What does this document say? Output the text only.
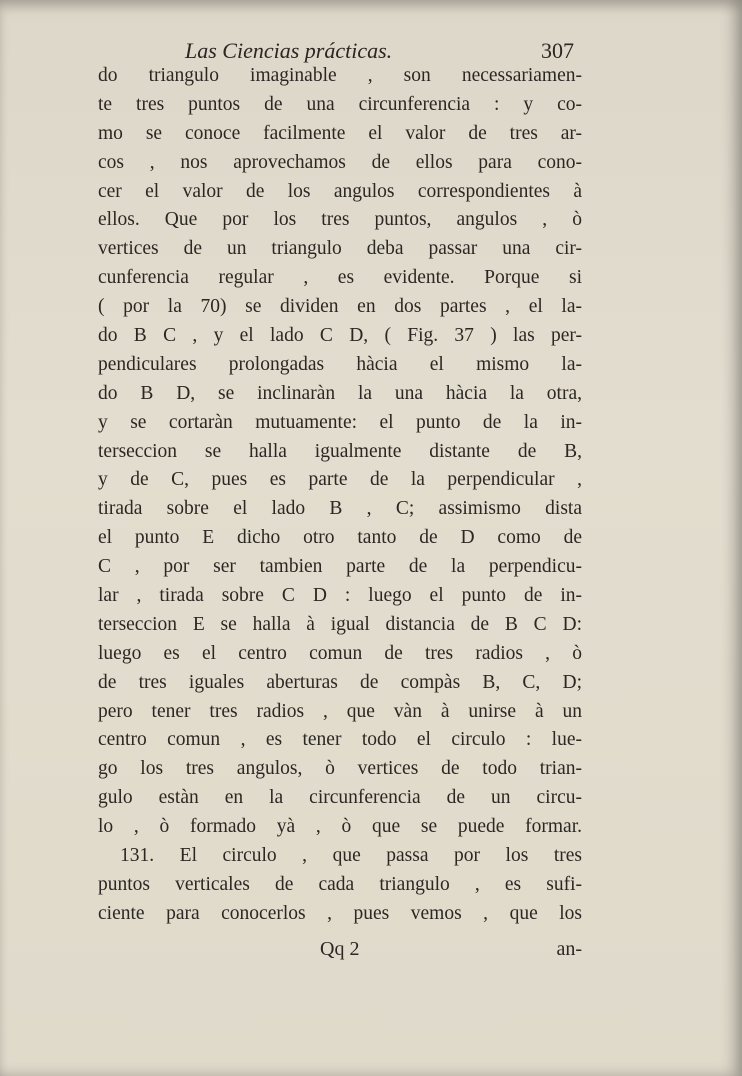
Las Ciencias prácticas.	307
do triangulo imaginable , son necessariamen-
te tres puntos de una circunferencia : y co-
mo se conoce facilmente el valor de tres ar-
cos , nos aprovechamos de ellos para cono-
cer el valor de los angulos correspondientes à
ellos. Que por los tres puntos, angulos , ò
vertices de un triangulo deba passar una cir-
cunferencia regular , es evidente. Porque si
( por la 70) se dividen en dos partes , el la-
do B C , y el lado C D, ( Fig. 37 ) las per-
pendiculares prolongadas hàcia el mismo la-
do B D, se inclinaràn la una hàcia la otra,
y se cortaràn mutuamente: el punto de la in-
terseccion se halla igualmente distante de B,
y de C, pues es parte de la perpendicular ,
tirada sobre el lado B , C; assimismo dista
el punto E dicho otro tanto de D como de
C , por ser tambien parte de la perpendicu-
lar , tirada sobre C D : luego el punto de in-
terseccion E se halla à igual distancia de B C D:
luego es el centro comun de tres radios , ò
de tres iguales aberturas de compàs B, C, D;
pero tener tres radios , que vàn à unirse à un
centro comun , es tener todo el circulo : lue-
go los tres angulos, ò vertices de todo trian-
gulo estàn en la circunferencia de un circu-
lo , ò formado yà , ò que se puede formar.
131. El circulo , que passa por los tres
puntos verticales de cada triangulo , es sufi-
ciente para conocerlos , pues vemos , que los
Qq 2	an-
